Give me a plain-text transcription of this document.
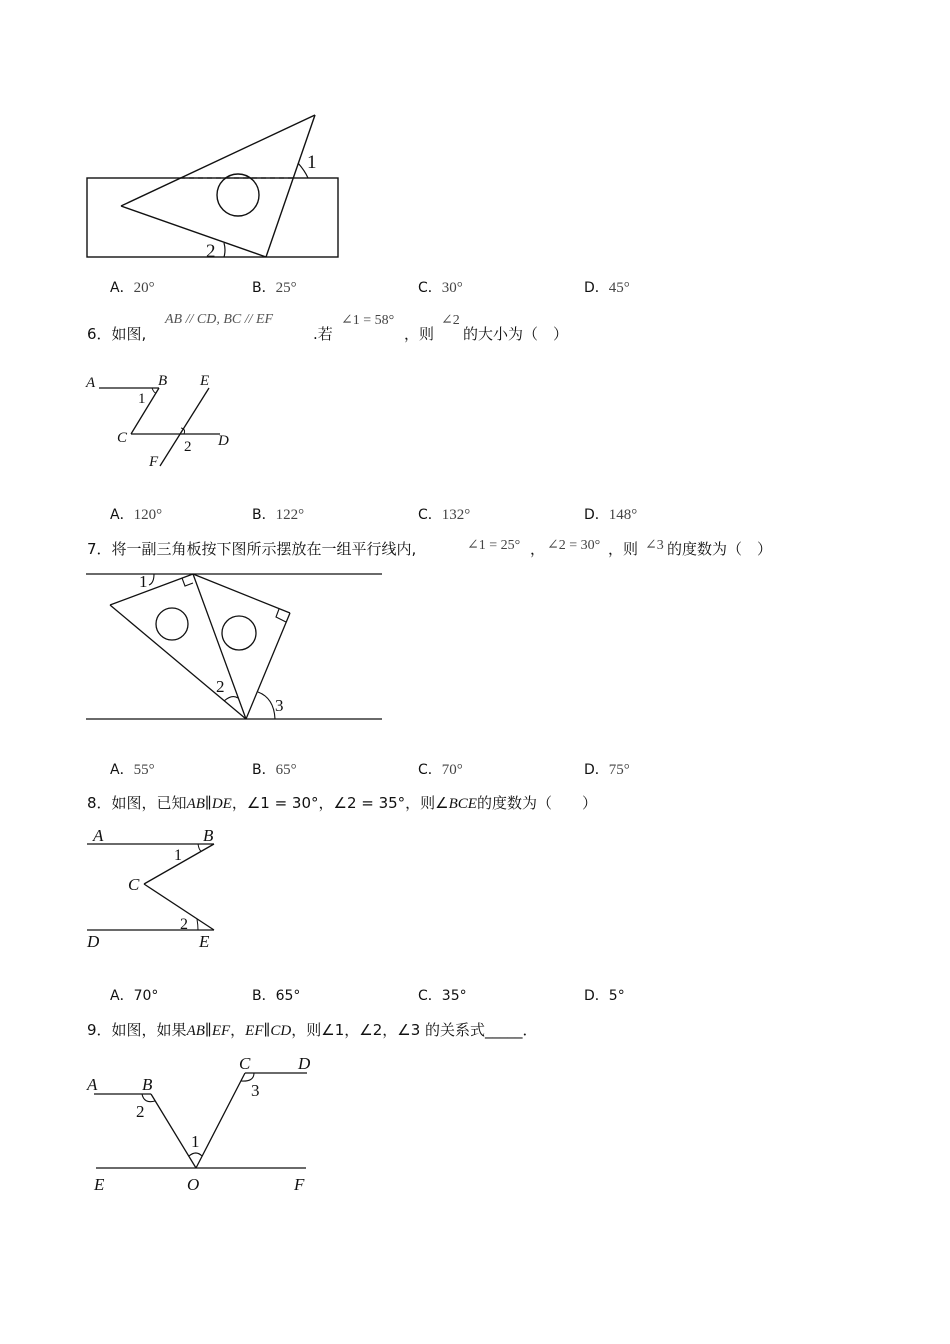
1
2
A．20°	B．25°	C．30°	D．45°
6．如图,
AB // CD, BC // EF
.若
∠1 = 58°
，则
∠2
的大小为（　）
A	B E
C	D
F
1
2
A．120°	B．122°	C．132°	D．148°
7．将一副三角板按下图所示摆放在一组平行线内,	∠1 = 25° ， ∠2 = 30° ，则 ∠3 的度数为（　）
1
2
3
A．55°	B．65°	C．70°	D．75°
8．如图，已知AB∥DE，∠1 = 30°，∠2 = 35°，则∠BCE的度数为（　　）
A	B
1
C
2
D	E
A．70°	B．65°	C．35°	D．5°
9．如图，如果AB∥EF，EF∥CD，则∠1，∠2，∠3 的关系式_____．
A	B
2
C	D
3
1
E	O	F
